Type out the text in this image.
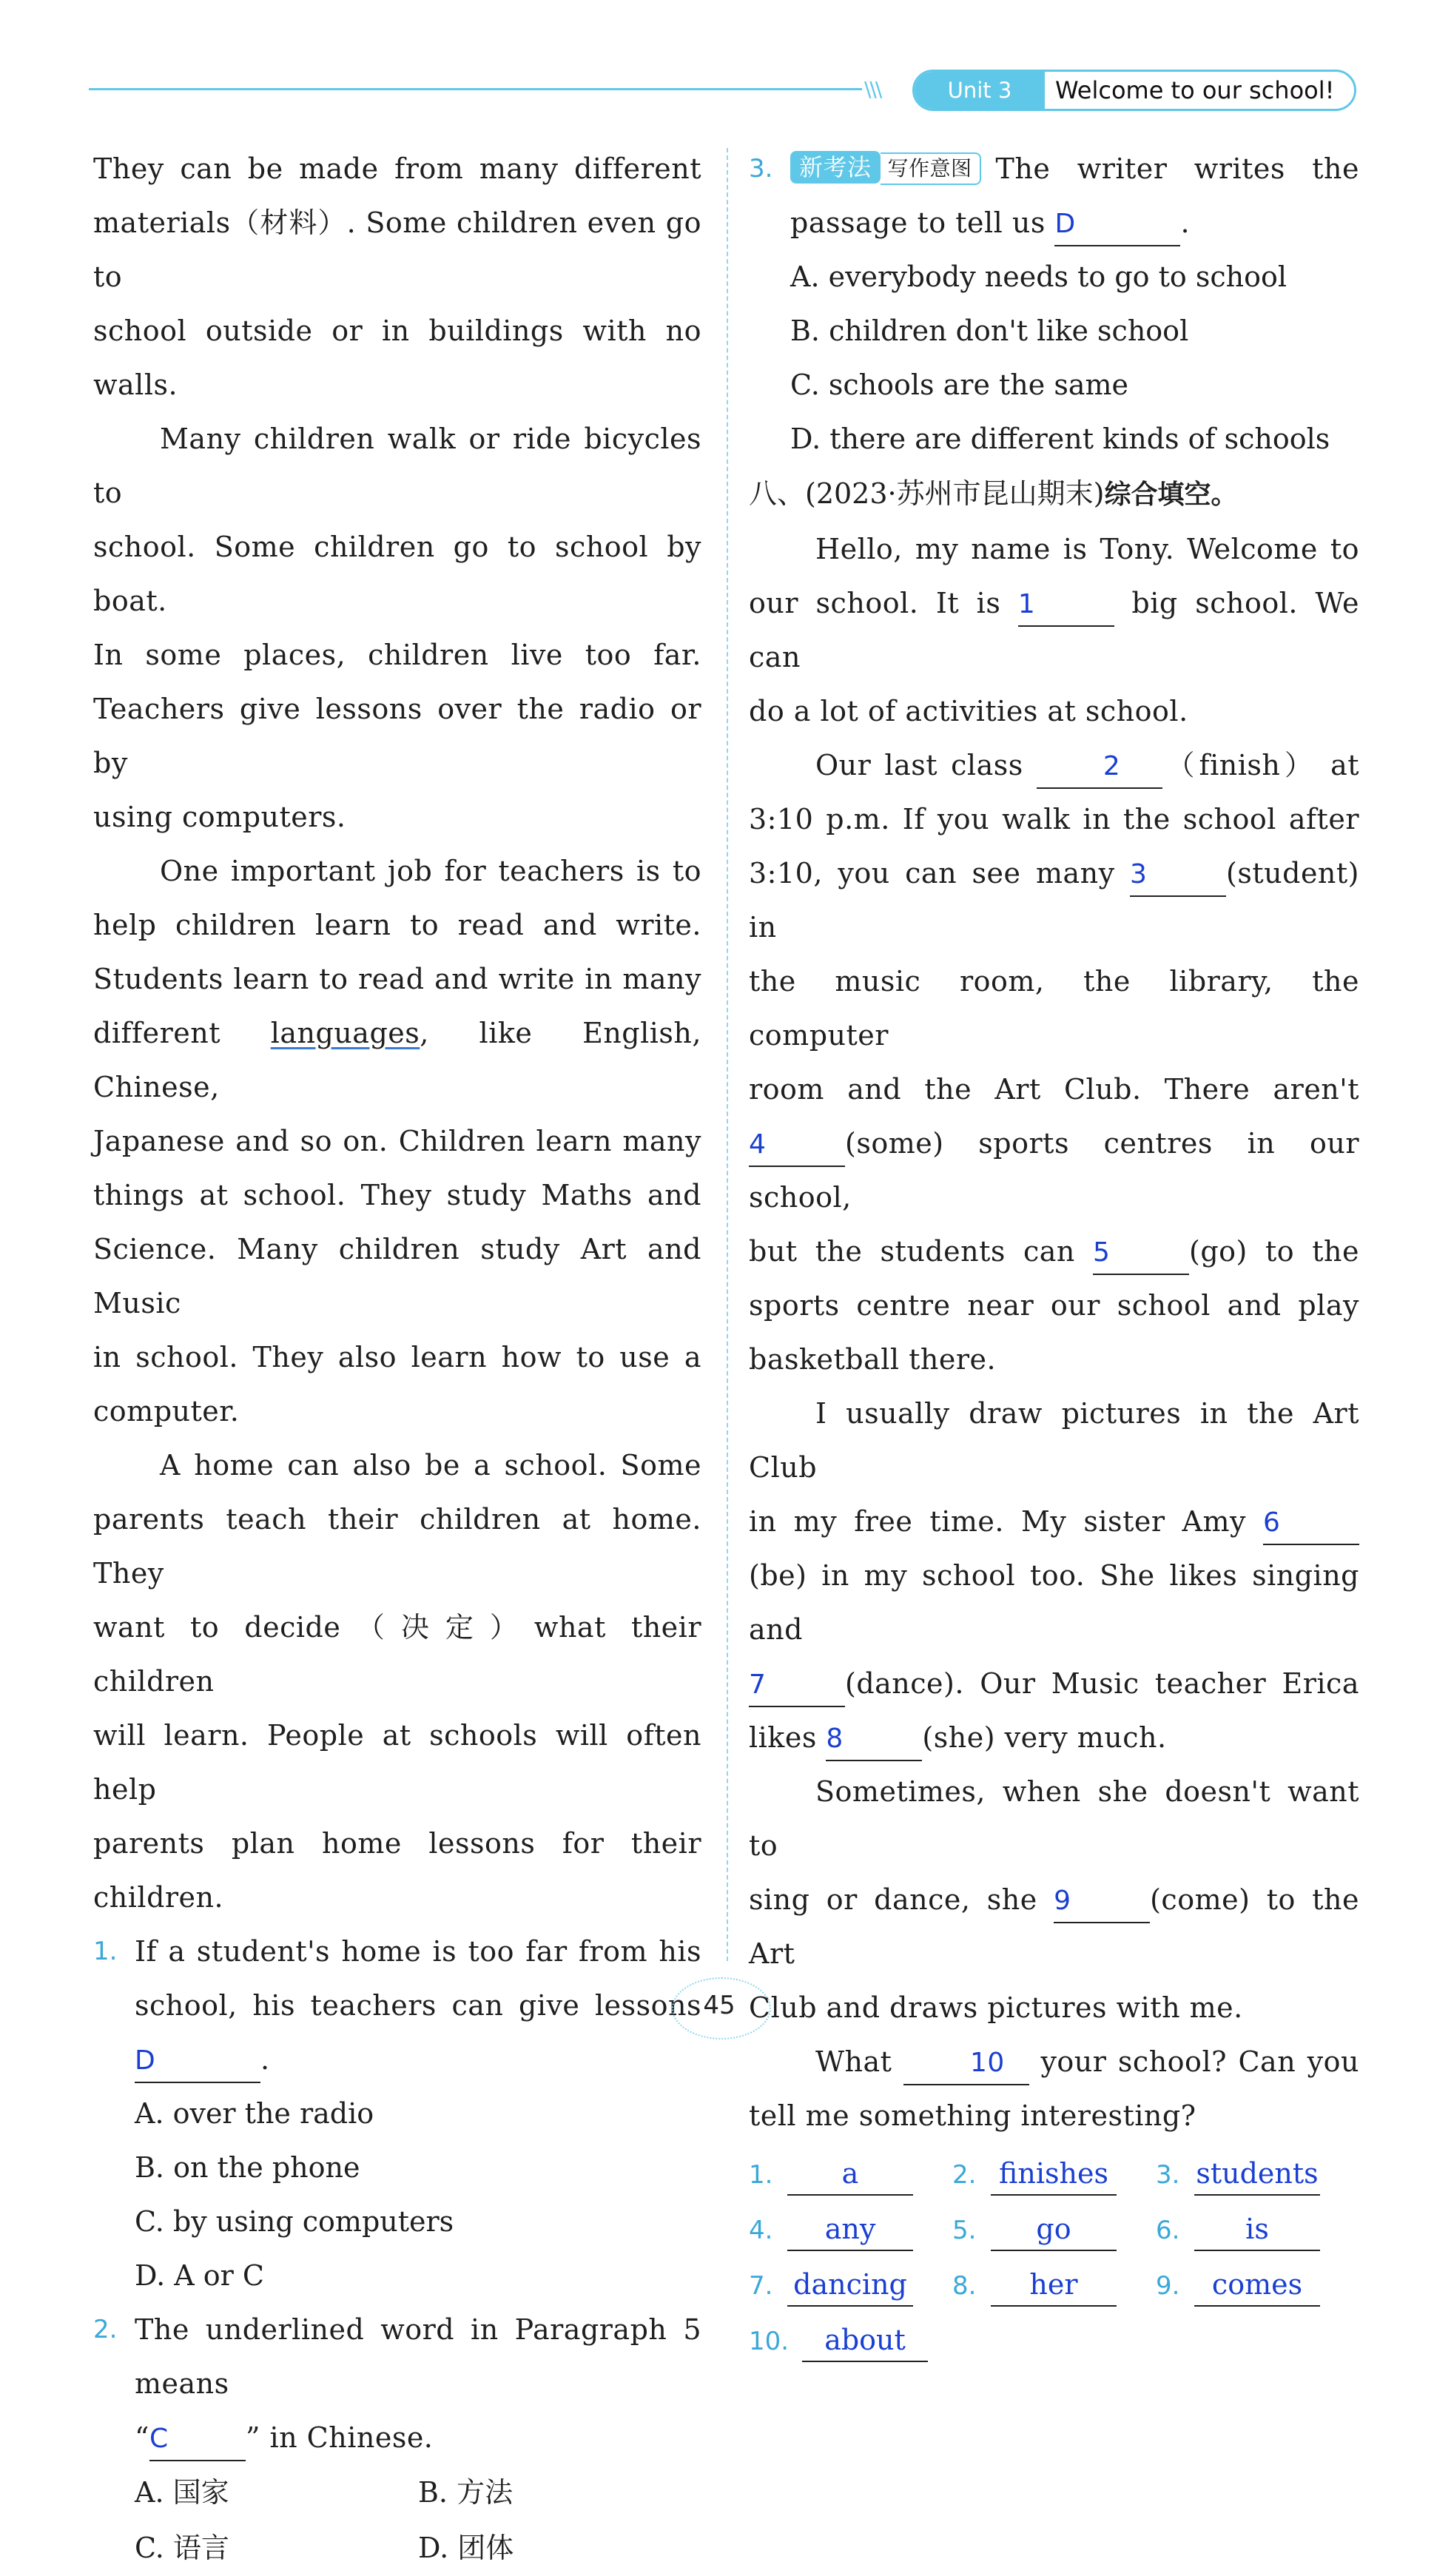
\\\	Unit 3	Welcome to our school!

They can be made from many different

materials（材料）. Some children even go to

school outside or in buildings with no walls.

Many children walk or ride bicycles to

school. Some children go to school by boat.

In some places, children live too far.

Teachers give lessons over the radio or by

using computers.

One important job for teachers is to

help children learn to read and write.

Students learn to read and write in many

different languages, like English, Chinese,

Japanese and so on. Children learn many

things at school. They study Maths and

Science. Many children study Art and Music

in school. They also learn how to use a

computer.

A home can also be a school. Some

parents teach their children at home. They

want to decide（决定）what their children

will learn. People at schools will often help

parents plan home lessons for their

children.

1. If a student's home is too far from his

school, his teachers can give lessons

D	.

A. over the radio

B. on the phone

C. by using computers

D. A or C

2. The underlined word in Paragraph 5 means

“C	” in Chinese.

A. 国家	B. 方法
C. 语言	D. 团体
3.	新考法 写作意图 The writer writes the

passage to tell us D	.

A. everybody needs to go to school

B. children don't like school

C. schools are the same

D. there are different kinds of schools

八、(2023·苏州市昆山期末)综合填空。

Hello, my name is Tony. Welcome to

our school. It is 1	big school. We can

do a lot of activities at school.

Our last class	2 （finish） at

3:10 p.m. If you walk in the school after

3:10, you can see many 3	(student) in

the music room, the library, the computer

room and the Art Club. There aren't

4	(some) sports centres in our school,

but the students can 5	(go) to the

sports centre near our school and play

basketball there.

I usually draw pictures in the Art Club

in my free time. My sister Amy 6

(be) in my school too. She likes singing and

7	(dance). Our Music teacher Erica

likes 8	(she) very much.

Sometimes, when she doesn't want to

sing or dance, she 9	(come) to the Art

Club and draws pictures with me.

What	10 your school? Can you

tell me something interesting?

1.	a	2. finishes	3. students
4.	any	5.	go	6.	is
7. dancing 8.	her	9.	comes
10.	about
45
